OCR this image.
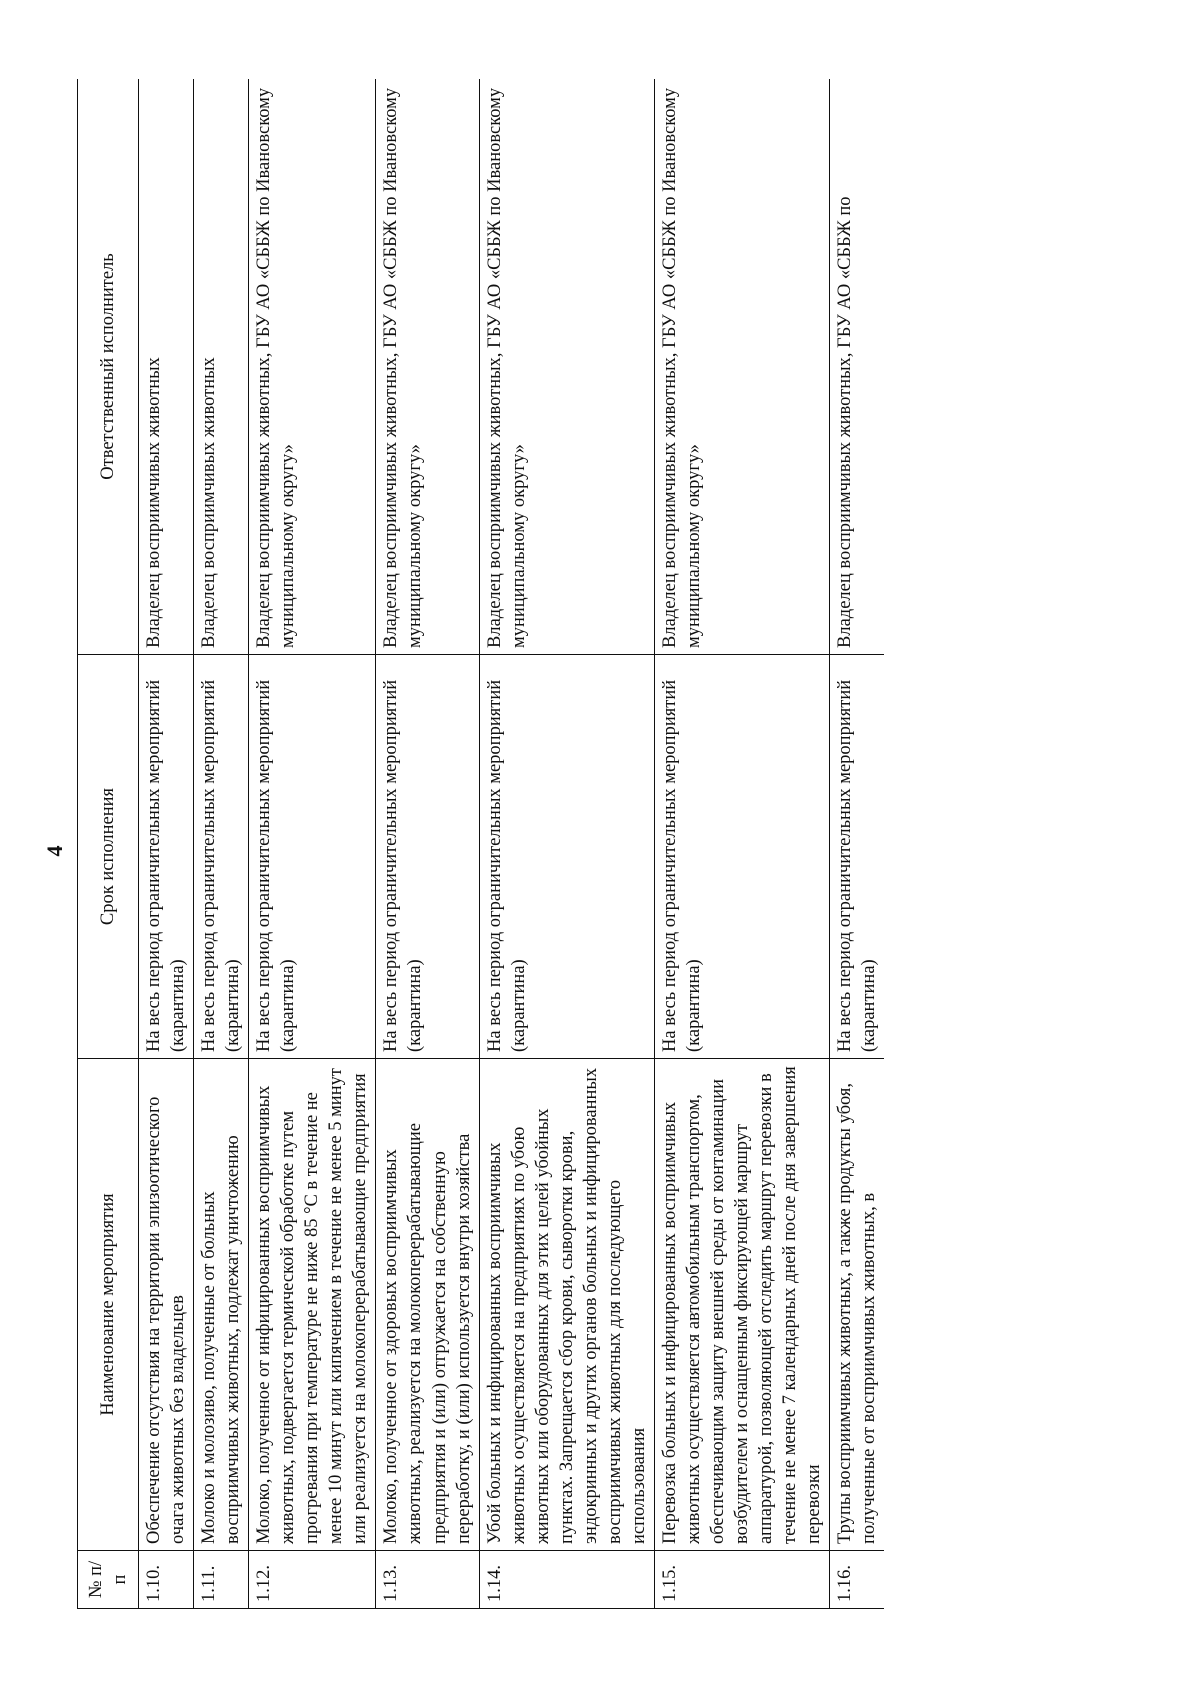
4
№ п/п	Наименование мероприятия	Срок исполнения	Ответственный исполнитель
1.10.	Обеспечение отсутствия на территории эпизоотического очага животных без владельцев	На весь период ограничительных мероприятий (карантина)	Владелец восприимчивых животных
1.11.	Молоко и молозиво, полученные от больных восприимчивых животных, подлежат уничтожению	На весь период ограничительных мероприятий (карантина)	Владелец восприимчивых животных
1.12.	Молоко, полученное от инфицированных восприимчивых животных, подвергается термической обработке путем прогревания при температуре не ниже 85 °С в течение не менее 10 минут или кипячением в течение не менее 5 минут или реализуется на молокоперерабатывающие предприятия	На весь период ограничительных мероприятий (карантина)	Владелец восприимчивых животных, ГБУ АО «СББЖ по Ивановскому муниципальному округу»
1.13.	Молоко, полученное от здоровых восприимчивых животных, реализуется на молокоперерабатывающие предприятия и (или) отгружается на собственную переработку, и (или) используется внутри хозяйства	На весь период ограничительных мероприятий (карантина)	Владелец восприимчивых животных, ГБУ АО «СББЖ по Ивановскому муниципальному округу»
1.14.	Убой больных и инфицированных восприимчивых животных осуществляется на предприятиях по убою животных или оборудованных для этих целей убойных пунктах. Запрещается сбор крови, сыворотки крови, эндокринных и других органов больных и инфицированных восприимчивых животных для последующего использования	На весь период ограничительных мероприятий (карантина)	Владелец восприимчивых животных, ГБУ АО «СББЖ по Ивановскому муниципальному округу»
1.15.	Перевозка больных и инфицированных восприимчивых животных осуществляется автомобильным транспортом, обеспечивающим защиту внешней среды от контаминации возбудителем и оснащенным фиксирующей маршрут аппаратурой, позволяющей отследить маршрут перевозки в течение не менее 7 календарных дней после дня завершения перевозки	На весь период ограничительных мероприятий (карантина)	Владелец восприимчивых животных, ГБУ АО «СББЖ по Ивановскому муниципальному округу»
1.16.	Трупы восприимчивых животных, а также продукты убоя, полученные от восприимчивых животных, в	На весь период ограничительных мероприятий (карантина)	Владелец восприимчивых животных, ГБУ АО «СББЖ по
